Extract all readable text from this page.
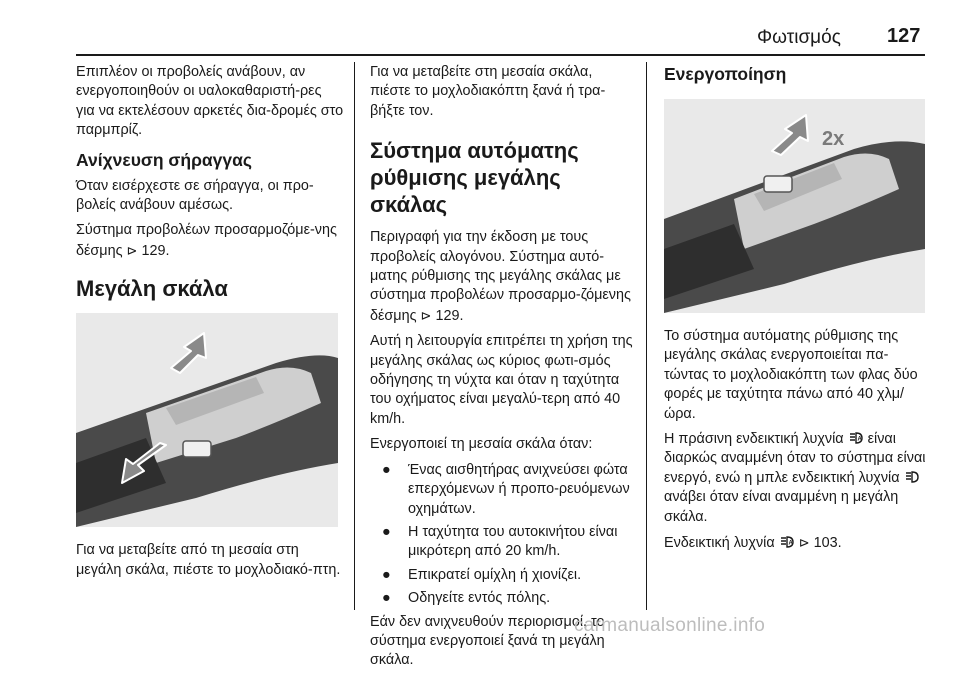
Φωτισμός 127

Επιπλέον οι προβολείς ανάβουν, αν ενεργοποιηθούν οι υαλοκαθαριστή-ρες για να εκτελέσουν αρκετές δια-δρομές στο παρμπρίζ.

Ανίχνευση σήραγγας

Όταν εισέρχεστε σε σήραγγα, οι προ-βολείς ανάβουν αμέσως.

Σύστημα προβολέων προσαρμοζόμε-νης δέσμης ⊳ 129.

Μεγάλη σκάλα

Για να μεταβείτε από τη μεσαία στη μεγάλη σκάλα, πιέστε το μοχλοδιακό-πτη.

Για να μεταβείτε στη μεσαία σκάλα, πιέστε το μοχλοδιακόπτη ξανά ή τρα-βήξτε τον.

Σύστημα αυτόματης ρύθμισης μεγάλης σκάλας

Περιγραφή για την έκδοση με τους προβολείς αλογόνου. Σύστημα αυτό-ματης ρύθμισης της μεγάλης σκάλας με σύστημα προβολέων προσαρμο-ζόμενης δέσμης ⊳ 129.

Αυτή η λειτουργία επιτρέπει τη χρήση της μεγάλης σκάλας ως κύριος φωτι-σμός οδήγησης τη νύχτα και όταν η ταχύτητα του οχήματος είναι μεγαλύ-τερη από 40 km/h.

Ενεργοποιεί τη μεσαία σκάλα όταν:

● Ένας αισθητήρας ανιχνεύσει φώτα επερχόμενων ή προπο-ρευόμενων οχημάτων.
● Η ταχύτητα του αυτοκινήτου είναι μικρότερη από 20 km/h.
● Επικρατεί ομίχλη ή χιονίζει.
● Οδηγείτε εντός πόλης.

Εάν δεν ανιχνευθούν περιορισμοί, το σύστημα ενεργοποιεί ξανά τη μεγάλη σκάλα.

Ενεργοποίηση
2x

Το σύστημα αυτόματης ρύθμισης της μεγάλης σκάλας ενεργοποιείται πα-τώντας το μοχλοδιακόπτη των φλας δύο φορές με ταχύτητα πάνω από 40 χλμ/ώρα.

Η πράσινη ενδεικτική λυχνία A είναι διαρκώς αναμμένη όταν το σύστημα είναι ενεργό, ενώ η μπλε ενδεικτική λυχνία  ανάβει όταν είναι αναμμένη η μεγάλη σκάλα.

Ενδεικτική λυχνία A ⊳ 103.

carmanualsonline.info
